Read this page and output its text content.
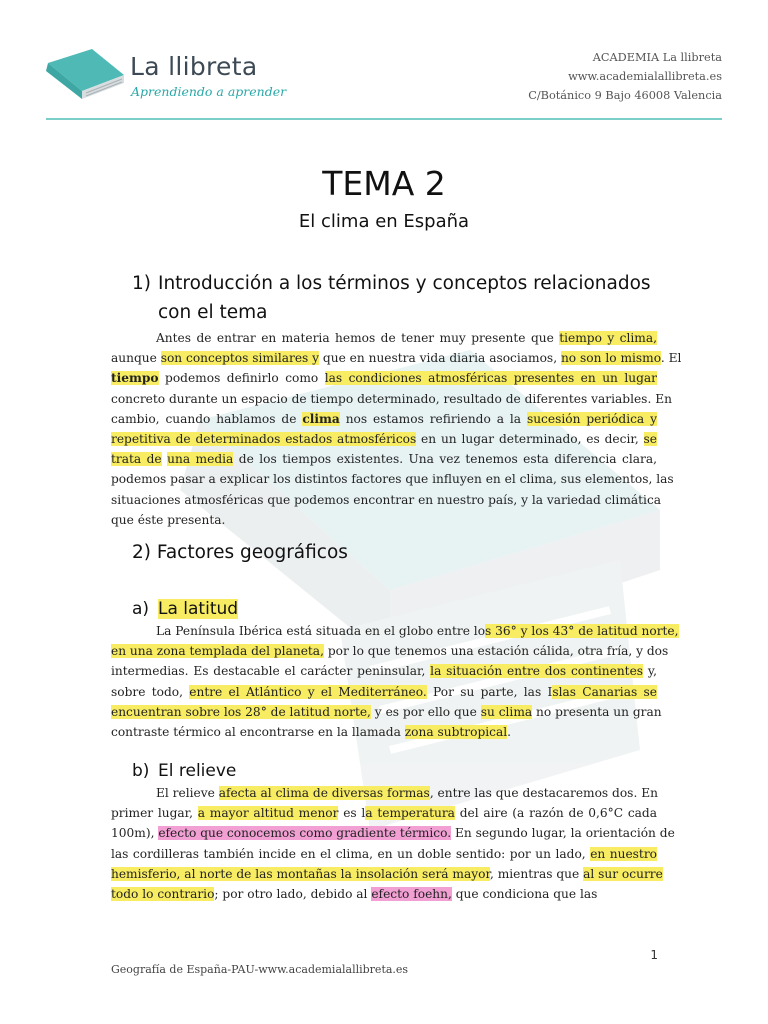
La llibreta
Aprendiendo a aprender
ACADEMIA La llibreta
www.academialallibreta.es
C/Botánico 9 Bajo 46008 Valencia
TEMA 2
El clima en España
1) Introducción a los términos y conceptos relacionados
con el tema
Antes de entrar en materia hemos de tener muy presente que tiempo y clima,
aunque son conceptos similares y que en nuestra vida diaria asociamos, no son lo mismo. El
tiempo podemos definirlo como las condiciones atmosféricas presentes en un lugar
concreto durante un espacio de tiempo determinado, resultado de diferentes variables. En
cambio, cuando hablamos de clima nos estamos refiriendo a la sucesión periódica y
repetitiva de determinados estados atmosféricos en un lugar determinado, es decir, se
trata de una media de los tiempos existentes. Una vez tenemos esta diferencia clara,
podemos pasar a explicar los distintos factores que influyen en el clima, sus elementos, las
situaciones atmosféricas que podemos encontrar en nuestro país, y la variedad climática
que éste presenta.
2) Factores geográficos
a) La latitud
La Península Ibérica está situada en el globo entre los 36° y los 43° de latitud norte,
en una zona templada del planeta, por lo que tenemos una estación cálida, otra fría, y dos
intermedias. Es destacable el carácter peninsular, la situación entre dos continentes y,
sobre todo, entre el Atlántico y el Mediterráneo. Por su parte, las Islas Canarias se
encuentran sobre los 28° de latitud norte, y es por ello que su clima no presenta un gran
contraste térmico al encontrarse en la llamada zona subtropical.
b) El relieve
El relieve afecta al clima de diversas formas, entre las que destacaremos dos. En
primer lugar, a mayor altitud menor es la temperatura del aire (a razón de 0,6°C cada
100m), efecto que conocemos como gradiente térmico. En segundo lugar, la orientación de
las cordilleras también incide en el clima, en un doble sentido: por un lado, en nuestro
hemisferio, al norte de las montañas la insolación será mayor, mientras que al sur ocurre
todo lo contrario; por otro lado, debido al efecto foehn, que condiciona que las
1
Geografía de España-PAU-www.academialallibreta.es
